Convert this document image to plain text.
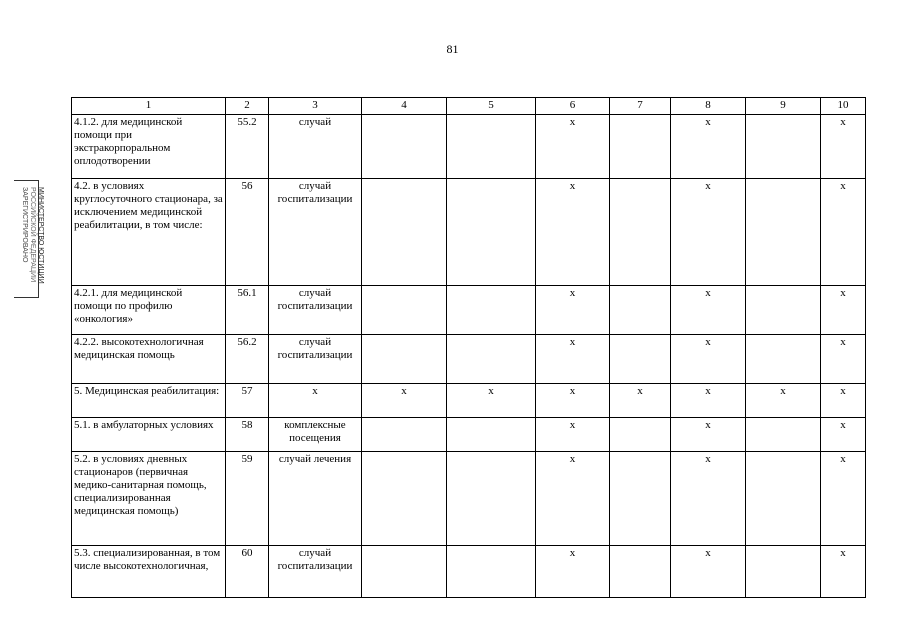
81
МИНИСТЕРСТВО ЮСТИЦИИ
РОССИЙСКОЙ ФЕДЕРАЦИИ
ЗАРЕГИСТРИРОВАНО
1	2	3	4	5	6	7	8	9	10
4.1.2. для медицинской помощи при экстракорпоральном оплодотворении	55.2	случай			x		x		x
4.2. в условиях круглосуточного стационара, за исключением медицинской реабилитации, в том числе:	56	случай госпитализации			x		x		x
4.2.1. для медицинской помощи по профилю «онкология»	56.1	случай госпитализации			x		x		x
4.2.2. высокотехнологичная медицинская помощь	56.2	случай госпитализации			x		x		x
5. Медицинская реабилитация:	57	x	x	x	x	x	x	x	x
5.1. в амбулаторных условиях	58	комплексные посещения			x		x		x
5.2. в условиях дневных стационаров (первичная медико-санитарная помощь, специализированная медицинская помощь)	59	случай лечения			x		x		x
5.3. специализированная, в том числе высокотехнологичная,	60	случай госпитализации			x		x		x
